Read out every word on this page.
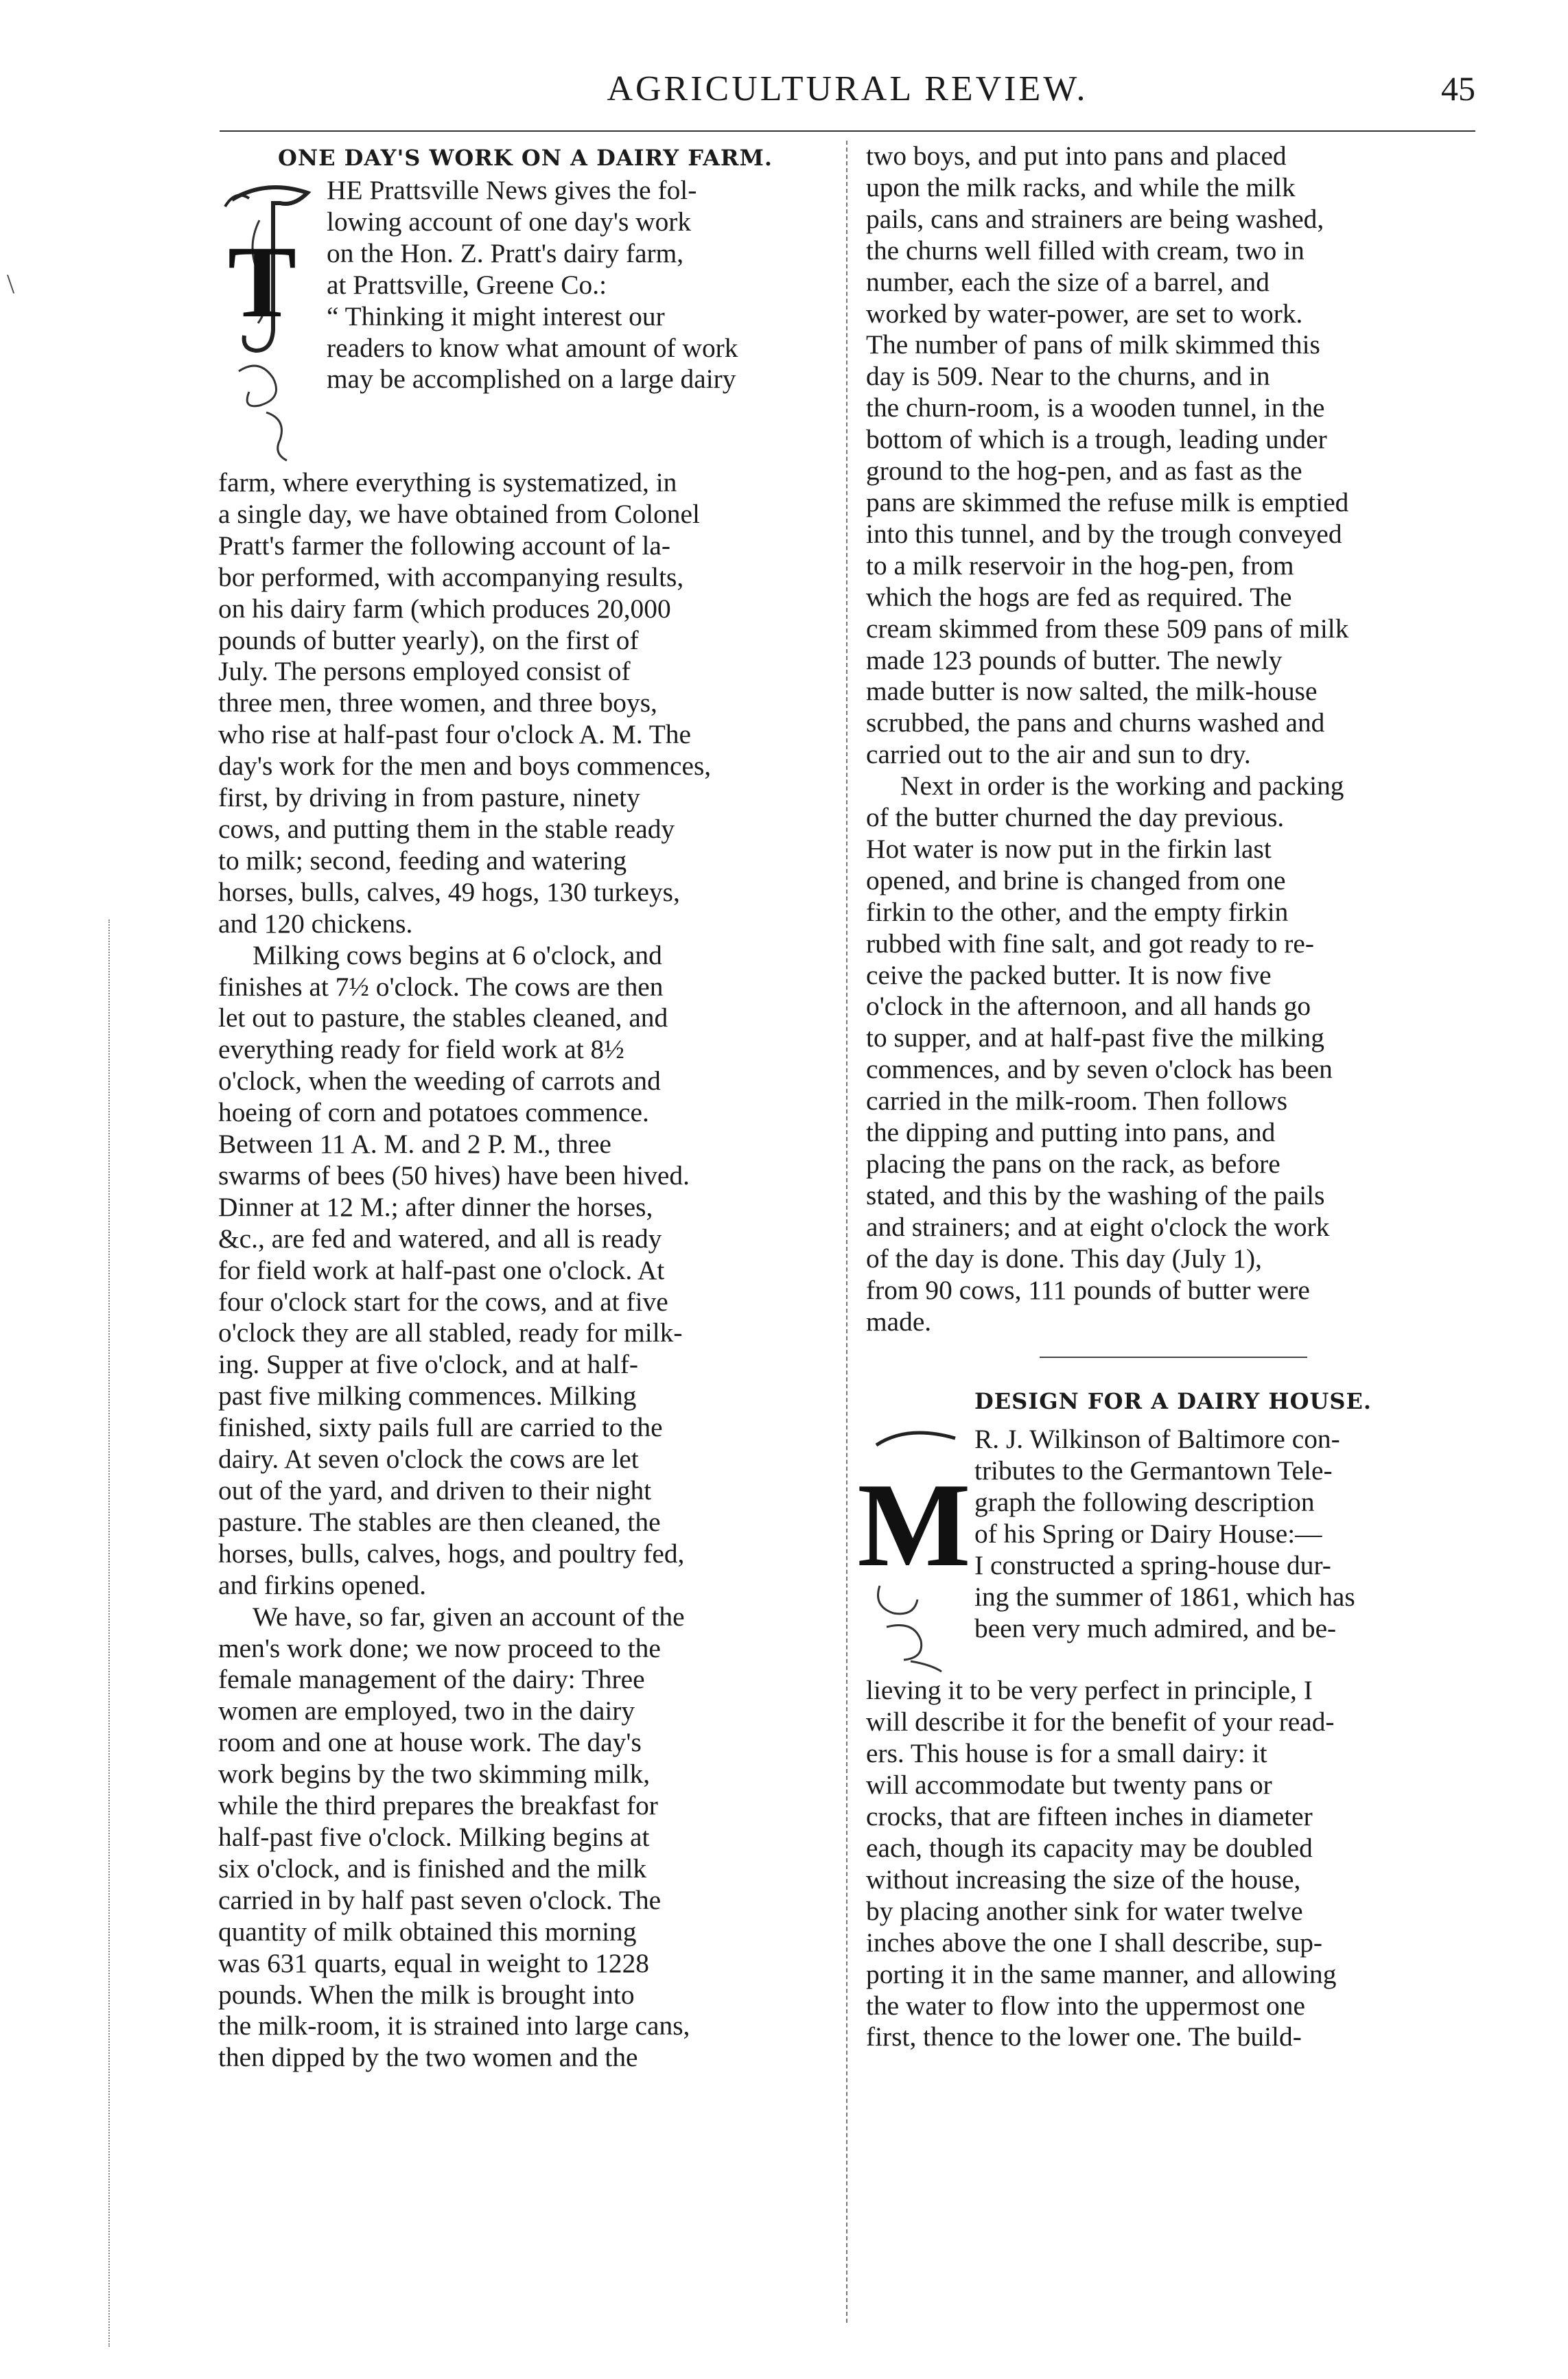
AGRICULTURAL REVIEW.	45
\
ONE DAY'S WORK ON A DAIRY FARM.
T
HE Prattsville News gives the fol-
lowing account of one day's work
on the Hon. Z. Pratt's dairy farm,
at Prattsville, Greene Co.:
“ Thinking it might interest our
readers to know what amount of work
may be accomplished on a large dairy
farm, where everything is systematized, in
a single day, we have obtained from Colonel
Pratt's farmer the following account of la-
bor performed, with accompanying results,
on his dairy farm (which produces 20,000
pounds of butter yearly), on the first of
July. The persons employed consist of
three men, three women, and three boys,
who rise at half-past four o'clock A. M. The
day's work for the men and boys commences,
first, by driving in from pasture, ninety
cows, and putting them in the stable ready
to milk; second, feeding and watering
horses, bulls, calves, 49 hogs, 130 turkeys,
and 120 chickens.
Milking cows begins at 6 o'clock, and
finishes at 7½ o'clock. The cows are then
let out to pasture, the stables cleaned, and
everything ready for field work at 8½
o'clock, when the weeding of carrots and
hoeing of corn and potatoes commence.
Between 11 A. M. and 2 P. M., three
swarms of bees (50 hives) have been hived.
Dinner at 12 M.; after dinner the horses,
&c., are fed and watered, and all is ready
for field work at half-past one o'clock. At
four o'clock start for the cows, and at five
o'clock they are all stabled, ready for milk-
ing. Supper at five o'clock, and at half-
past five milking commences. Milking
finished, sixty pails full are carried to the
dairy. At seven o'clock the cows are let
out of the yard, and driven to their night
pasture. The stables are then cleaned, the
horses, bulls, calves, hogs, and poultry fed,
and firkins opened.
We have, so far, given an account of the
men's work done; we now proceed to the
female management of the dairy: Three
women are employed, two in the dairy
room and one at house work. The day's
work begins by the two skimming milk,
while the third prepares the breakfast for
half-past five o'clock. Milking begins at
six o'clock, and is finished and the milk
carried in by half past seven o'clock. The
quantity of milk obtained this morning
was 631 quarts, equal in weight to 1228
pounds. When the milk is brought into
the milk-room, it is strained into large cans,
then dipped by the two women and the
two boys, and put into pans and placed
upon the milk racks, and while the milk
pails, cans and strainers are being washed,
the churns well filled with cream, two in
number, each the size of a barrel, and
worked by water-power, are set to work.
The number of pans of milk skimmed this
day is 509. Near to the churns, and in
the churn-room, is a wooden tunnel, in the
bottom of which is a trough, leading under
ground to the hog-pen, and as fast as the
pans are skimmed the refuse milk is emptied
into this tunnel, and by the trough conveyed
to a milk reservoir in the hog-pen, from
which the hogs are fed as required. The
cream skimmed from these 509 pans of milk
made 123 pounds of butter. The newly
made butter is now salted, the milk-house
scrubbed, the pans and churns washed and
carried out to the air and sun to dry.
Next in order is the working and packing
of the butter churned the day previous.
Hot water is now put in the firkin last
opened, and brine is changed from one
firkin to the other, and the empty firkin
rubbed with fine salt, and got ready to re-
ceive the packed butter. It is now five
o'clock in the afternoon, and all hands go
to supper, and at half-past five the milking
commences, and by seven o'clock has been
carried in the milk-room. Then follows
the dipping and putting into pans, and
placing the pans on the rack, as before
stated, and this by the washing of the pails
and strainers; and at eight o'clock the work
of the day is done. This day (July 1),
from 90 cows, 111 pounds of butter were
made.
DESIGN FOR A DAIRY HOUSE.
M
R. J. Wilkinson of Baltimore con-
tributes to the Germantown Tele-
graph the following description
of his Spring or Dairy House:—
I constructed a spring-house dur-
ing the summer of 1861, which has
been very much admired, and be-
lieving it to be very perfect in principle, I
will describe it for the benefit of your read-
ers. This house is for a small dairy: it
will accommodate but twenty pans or
crocks, that are fifteen inches in diameter
each, though its capacity may be doubled
without increasing the size of the house,
by placing another sink for water twelve
inches above the one I shall describe, sup-
porting it in the same manner, and allowing
the water to flow into the uppermost one
first, thence to the lower one. The build-
